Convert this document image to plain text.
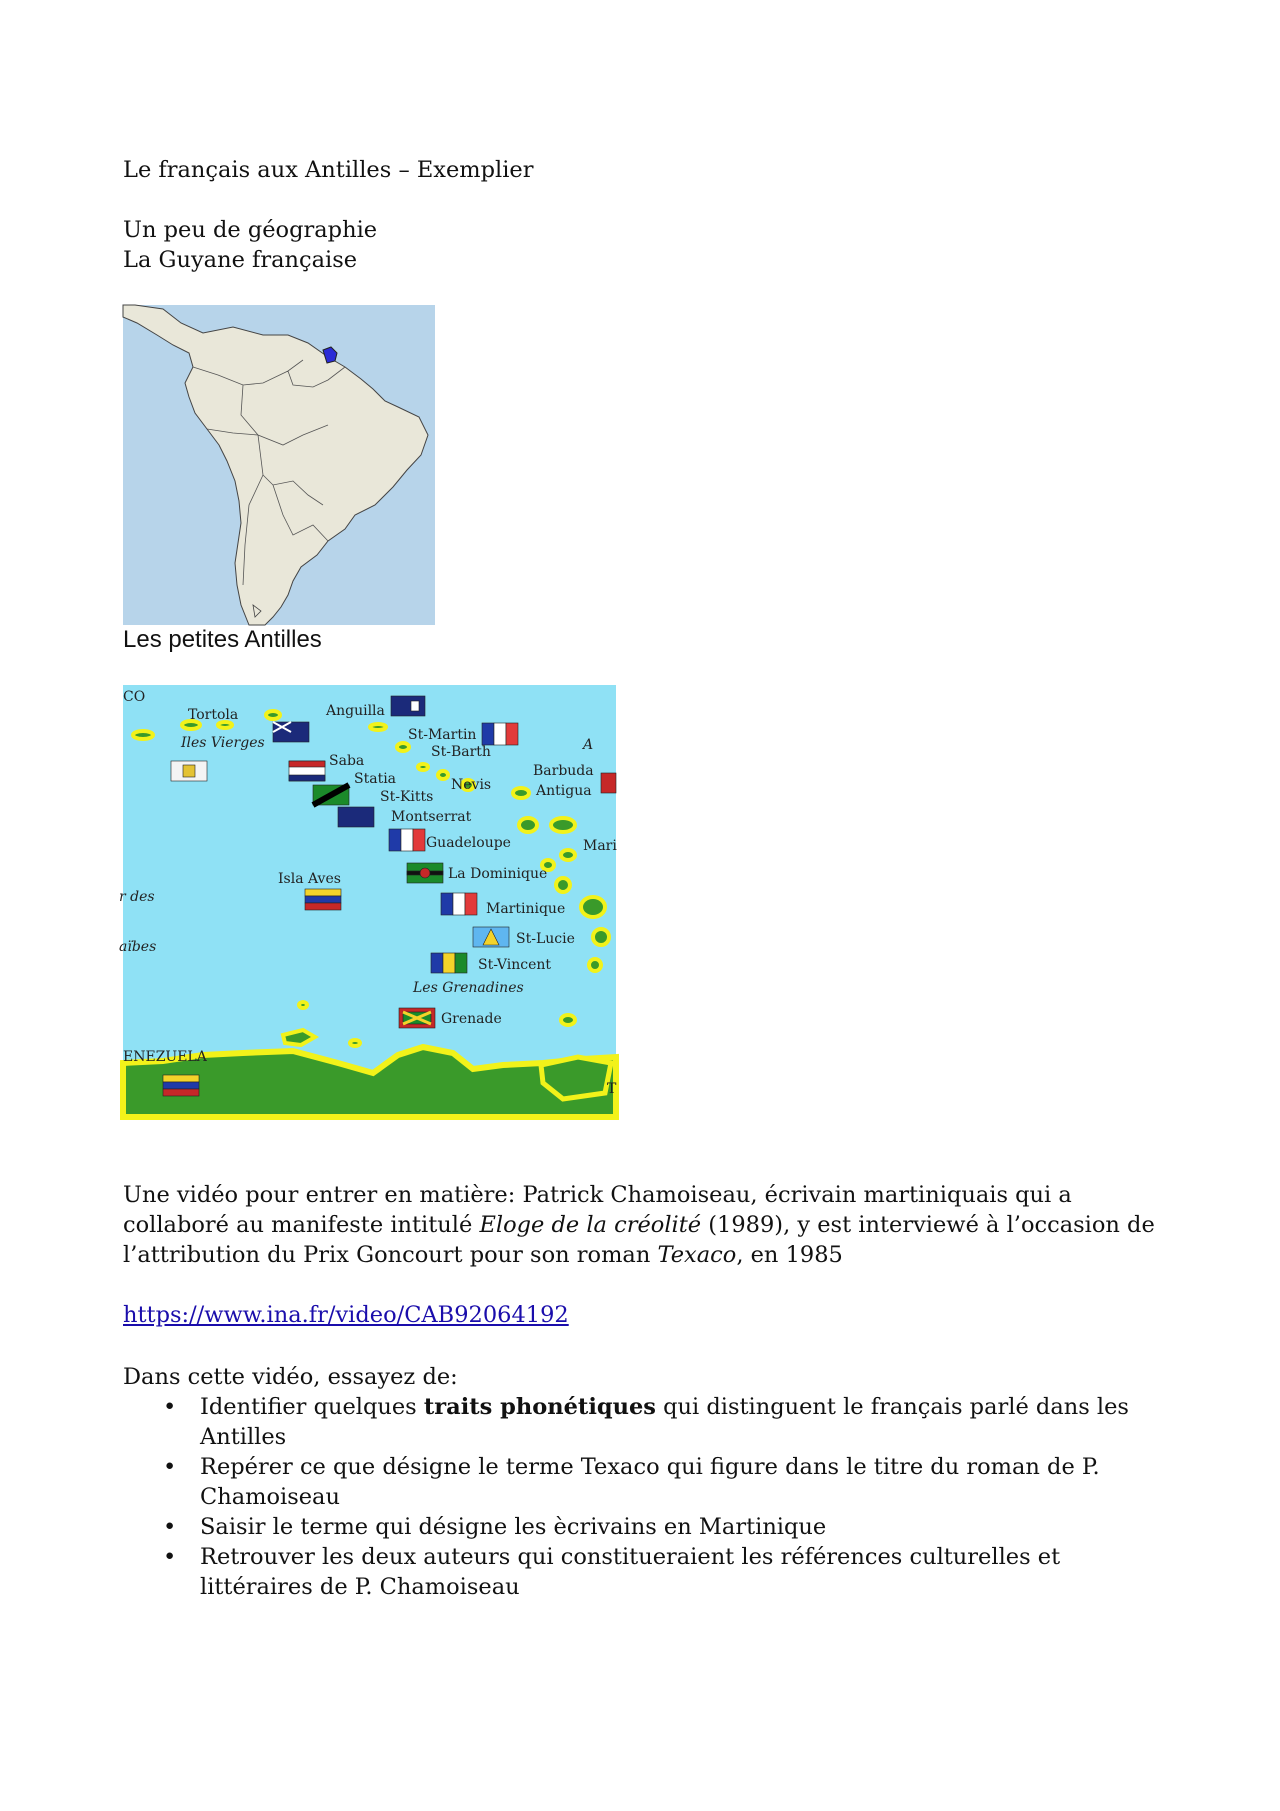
Le français aux Antilles – Exemplier
Un peu de géographie
La Guyane française
Les petites Antilles
CO
Tortola
Iles Vierges
Anguilla
St-Martin
St-Barth
Saba
Statia	Nevis
St-Kitts
Barbuda
Antigua
Montserrat
Guadeloupe
La Dominique
Isla Aves
Martinique
St-Lucie
St-Vincent
Les Grenadines
Grenade
ENEZUELA
r des
aïbes
Mari
A
T
Une vidéo pour entrer en matière: Patrick Chamoiseau, écrivain martiniquais qui a collaboré au manifeste intitulé Eloge de la créolité (1989), y est interviewé à l’occasion de l’attribution du Prix Goncourt pour son roman Texaco, en 1985
https://www.ina.fr/video/CAB92064192
Dans cette vidéo, essayez de:
• Identifier quelques traits phonétiques qui distinguent le français parlé dans les Antilles
• Repérer ce que désigne le terme Texaco qui figure dans le titre du roman de P. Chamoiseau
• Saisir le terme qui désigne les ècrivains en Martinique
• Retrouver les deux auteurs qui constitueraient les références culturelles et littéraires de P. Chamoiseau
